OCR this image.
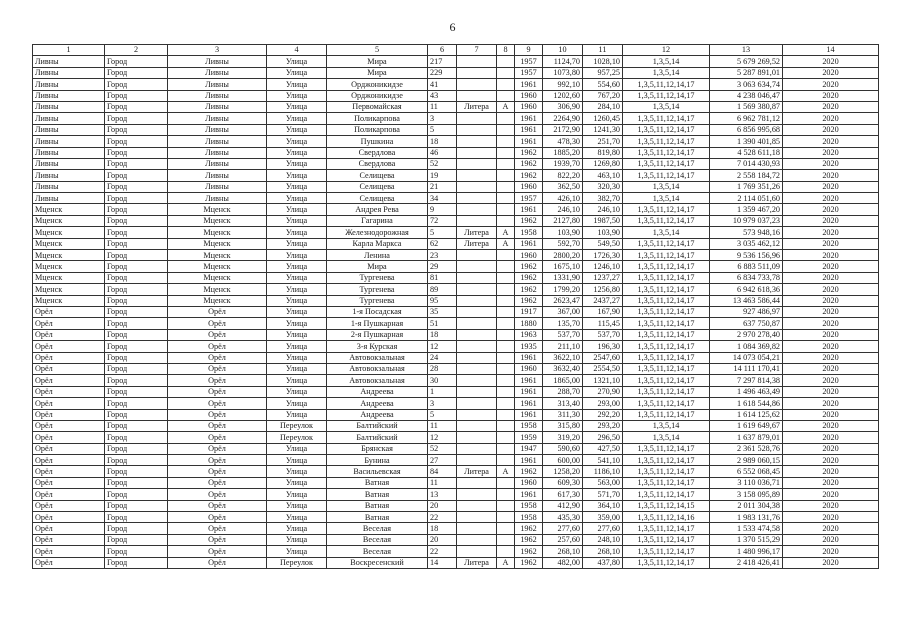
6
1	2	3	4	5	6	7	8	9	10	11	12	13	14
Ливны	Город	Ливны	Улица	Мира	217			1957	1124,70	1028,10	1,3,5,14	5 679 269,52	2020
Ливны	Город	Ливны	Улица	Мира	229			1957	1073,80	957,25	1,3,5,14	5 287 891,01	2020
Ливны	Город	Ливны	Улица	Орджоникидзе	41			1961	992,10	554,60	1,3,5,11,12,14,17	3 063 634,74	2020
Ливны	Город	Ливны	Улица	Орджоникидзе	43			1960	1202,60	767,20	1,3,5,11,12,14,17	4 238 046,47	2020
Ливны	Город	Ливны	Улица	Первомайская	11	Литера	А	1960	306,90	284,10	1,3,5,14	1 569 380,87	2020
Ливны	Город	Ливны	Улица	Поликарпова	3			1961	2264,90	1260,45	1,3,5,11,12,14,17	6 962 781,12	2020
Ливны	Город	Ливны	Улица	Поликарпова	5			1961	2172,90	1241,30	1,3,5,11,12,14,17	6 856 995,68	2020
Ливны	Город	Ливны	Улица	Пушкина	18			1961	478,30	251,70	1,3,5,11,12,14,17	1 390 401,85	2020
Ливны	Город	Ливны	Улица	Свердлова	46			1962	1885,20	819,80	1,3,5,11,12,14,17	4 528 611,18	2020
Ливны	Город	Ливны	Улица	Свердлова	52			1962	1939,70	1269,80	1,3,5,11,12,14,17	7 014 430,93	2020
Ливны	Город	Ливны	Улица	Селищева	19			1962	822,20	463,10	1,3,5,11,12,14,17	2 558 184,72	2020
Ливны	Город	Ливны	Улица	Селищева	21			1960	362,50	320,30	1,3,5,14	1 769 351,26	2020
Ливны	Город	Ливны	Улица	Селищева	34			1957	426,10	382,70	1,3,5,14	2 114 051,60	2020
Мценск	Город	Мценск	Улица	Андрея Рева	9			1961	246,10	246,10	1,3,5,11,12,14,17	1 359 467,20	2020
Мценск	Город	Мценск	Улица	Гагарина	72			1962	2127,80	1987,50	1,3,5,11,12,14,17	10 979 037,23	2020
Мценск	Город	Мценск	Улица	Железнодорожная	5	Литера	А	1958	103,90	103,90	1,3,5,14	573 948,16	2020
Мценск	Город	Мценск	Улица	Карла Маркса	62	Литера	А	1961	592,70	549,50	1,3,5,11,12,14,17	3 035 462,12	2020
Мценск	Город	Мценск	Улица	Ленина	23			1960	2800,20	1726,30	1,3,5,11,12,14,17	9 536 156,96	2020
Мценск	Город	Мценск	Улица	Мира	29			1962	1675,10	1246,10	1,3,5,11,12,14,17	6 883 511,09	2020
Мценск	Город	Мценск	Улица	Тургенева	81			1962	1331,90	1237,27	1,3,5,11,12,14,17	6 834 733,78	2020
Мценск	Город	Мценск	Улица	Тургенева	89			1962	1799,20	1256,80	1,3,5,11,12,14,17	6 942 618,36	2020
Мценск	Город	Мценск	Улица	Тургенева	95			1962	2623,47	2437,27	1,3,5,11,12,14,17	13 463 586,44	2020
Орёл	Город	Орёл	Улица	1-я Посадская	35			1917	367,00	167,90	1,3,5,11,12,14,17	927 486,97	2020
Орёл	Город	Орёл	Улица	1-я Пушкарная	51			1880	135,70	115,45	1,3,5,11,12,14,17	637 750,87	2020
Орёл	Город	Орёл	Улица	2-я Пушкарная	18			1963	537,70	537,70	1,3,5,11,12,14,17	2 970 278,40	2020
Орёл	Город	Орёл	Улица	3-я Курская	12			1935	211,10	196,30	1,3,5,11,12,14,17	1 084 369,82	2020
Орёл	Город	Орёл	Улица	Автовокзальная	24			1961	3622,10	2547,60	1,3,5,11,12,14,17	14 073 054,21	2020
Орёл	Город	Орёл	Улица	Автовокзальная	28			1960	3632,40	2554,50	1,3,5,11,12,14,17	14 111 170,41	2020
Орёл	Город	Орёл	Улица	Автовокзальная	30			1961	1865,00	1321,10	1,3,5,11,12,14,17	7 297 814,38	2020
Орёл	Город	Орёл	Улица	Андреева	1			1961	288,70	270,90	1,3,5,11,12,14,17	1 496 463,49	2020
Орёл	Город	Орёл	Улица	Андреева	3			1961	313,40	293,00	1,3,5,11,12,14,17	1 618 544,86	2020
Орёл	Город	Орёл	Улица	Андреева	5			1961	311,30	292,20	1,3,5,11,12,14,17	1 614 125,62	2020
Орёл	Город	Орёл	Переулок	Балтийский	11			1958	315,80	293,20	1,3,5,14	1 619 649,67	2020
Орёл	Город	Орёл	Переулок	Балтийский	12			1959	319,20	296,50	1,3,5,14	1 637 879,01	2020
Орёл	Город	Орёл	Улица	Брянская	52			1947	590,60	427,50	1,3,5,11,12,14,17	2 361 528,76	2020
Орёл	Город	Орёл	Улица	Бунина	27			1961	600,00	541,10	1,3,5,11,12,14,17	2 989 060,15	2020
Орёл	Город	Орёл	Улица	Васильевская	84	Литера	А	1962	1258,20	1186,10	1,3,5,11,12,14,17	6 552 068,45	2020
Орёл	Город	Орёл	Улица	Ватная	11			1960	609,30	563,00	1,3,5,11,12,14,17	3 110 036,71	2020
Орёл	Город	Орёл	Улица	Ватная	13			1961	617,30	571,70	1,3,5,11,12,14,17	3 158 095,89	2020
Орёл	Город	Орёл	Улица	Ватная	20			1958	412,90	364,10	1,3,5,11,12,14,15	2 011 304,38	2020
Орёл	Город	Орёл	Улица	Ватная	22			1958	435,30	359,00	1,3,5,11,12,14,16	1 983 131,76	2020
Орёл	Город	Орёл	Улица	Веселая	18			1962	277,60	277,60	1,3,5,11,12,14,17	1 533 474,58	2020
Орёл	Город	Орёл	Улица	Веселая	20			1962	257,60	248,10	1,3,5,11,12,14,17	1 370 515,29	2020
Орёл	Город	Орёл	Улица	Веселая	22			1962	268,10	268,10	1,3,5,11,12,14,17	1 480 996,17	2020
Орёл	Город	Орёл	Переулок	Воскресенский	14	Литера	А	1962	482,00	437,80	1,3,5,11,12,14,17	2 418 426,41	2020
